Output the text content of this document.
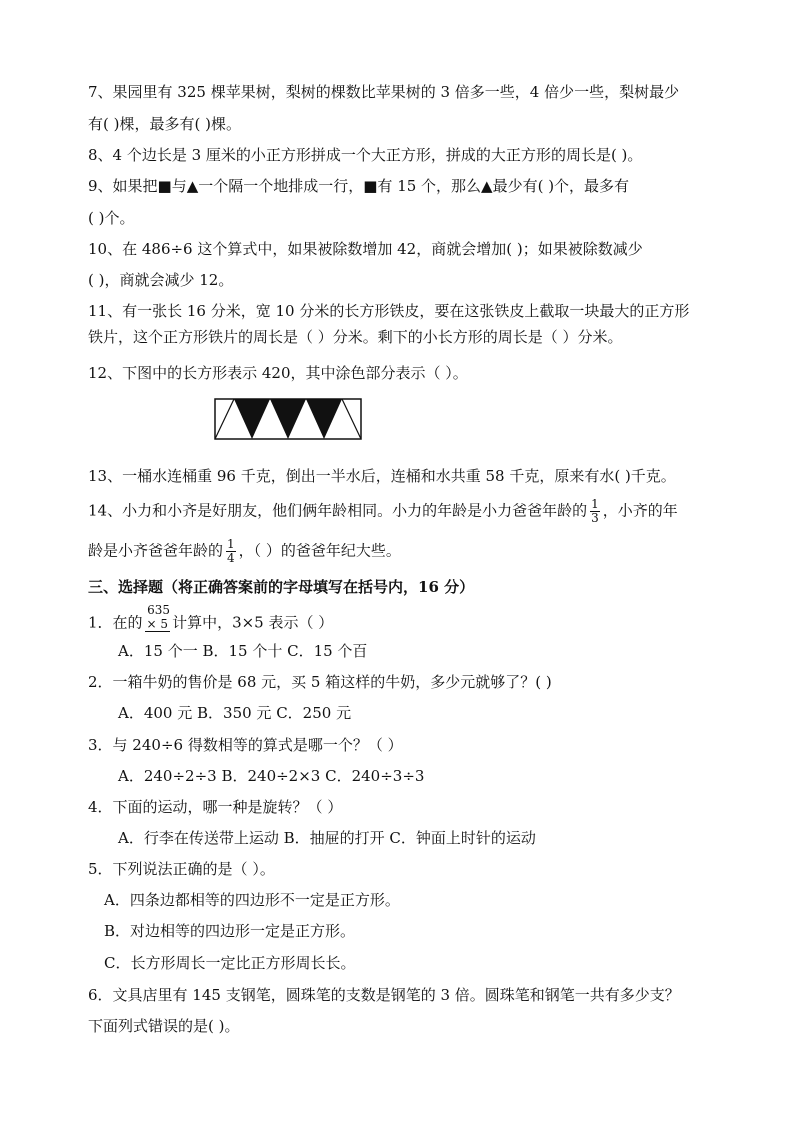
7、果园里有 325 棵苹果树，梨树的棵数比苹果树的 3 倍多一些，4 倍少一些，梨树最少
有( )棵，最多有( )棵。
8、4 个边长是 3 厘米的小正方形拼成一个大正方形，拼成的大正方形的周长是( )。
9、如果把■与▲一个隔一个地排成一行，■有 15 个，那么▲最少有( )个，最多有
( )个。
10、在 486÷6 这个算式中，如果被除数增加 42，商就会增加( )；如果被除数减少
( )，商就会减少 12。
11、有一张长 16 分米，宽 10 分米的长方形铁皮，要在这张铁皮上截取一块最大的正方形
铁片，这个正方形铁片的周长是（ ）分米。剩下的小长方形的周长是（ ）分米。
12、下图中的长方形表示 420，其中涂色部分表示（ ）。
13、一桶水连桶重 96 千克，倒出一半水后，连桶和水共重 58 千克，原来有水( )千克。
14、小力和小齐是好朋友，他们俩年龄相同。小力的年龄是小力爸爸年龄的 $\frac{1}{3}$ ，小齐的年
龄是小齐爸爸年龄的 $\frac{1}{4}$ ，（ ）的爸爸年纪大些。
三、选择题（将正确答案前的字母填写在括号内，16 分）
1．在的
635
× 5 计算中，3×5 表示（ ）
A．15 个一 B．15 个十 C．15 个百
2．一箱牛奶的售价是 68 元，买 5 箱这样的牛奶，多少元就够了？( )
A．400 元 B．350 元 C．250 元
3．与 240÷6 得数相等的算式是哪一个？（ ）
A．240÷2÷3 B．240÷2×3 C．240÷3÷3
4．下面的运动，哪一种是旋转？（ ）
A．行李在传送带上运动 B．抽屉的打开 C．钟面上时针的运动
5．下列说法正确的是（ ）。
A．四条边都相等的四边形不一定是正方形。
B．对边相等的四边形一定是正方形。
C．长方形周长一定比正方形周长长。
6．文具店里有 145 支钢笔，圆珠笔的支数是钢笔的 3 倍。圆珠笔和钢笔一共有多少支？
下面列式错误的是( )。
